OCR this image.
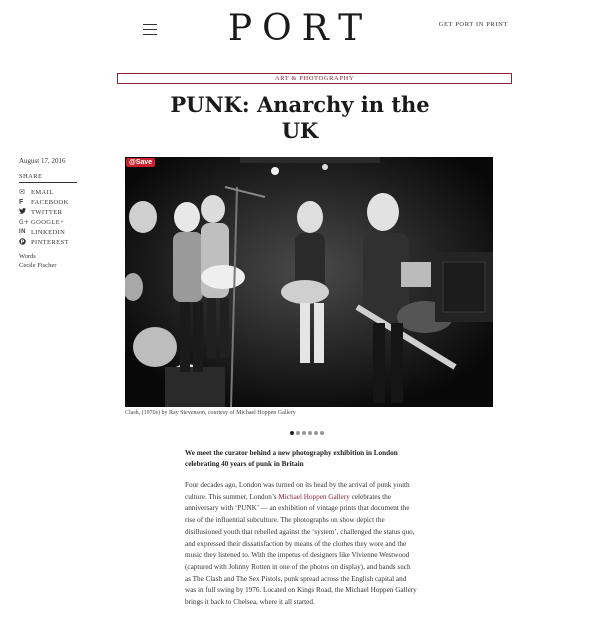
PORT	GET PORT IN PRINT
ART & PHOTOGRAPHY
PUNK: Anarchy in the
UK
August 17, 2016
SHARE
✉ EMAIL
F	FACEBOOK
TWITTER
G+ GOOGLE+
IN LINKEDIN
P PINTEREST
Words
Cecile Fischer
@Save
Clash, (1970s) by Ray Stevenson, courtesy of Michael Hoppen Gallery
We meet the curator behind a new photography exhibition in London celebrating 40 years of punk in Britain
Four decades ago, London was turned on its head by the arrival of punk youth culture. This summer, London’s Michael Hoppen Gallery celebrates the anniversary with ‘PUNK’ — an exhibition of vintage prints that document the rise of the influential subculture. The photographs on show depict the disillusioned youth that rebelled against the ‘system’, challenged the status quo, and expressed their dissatisfaction by means of the clothes they wore and the music they listened to. With the impetus of designers like Vivienne Westwood (captured with Johnny Rotten in one of the photos on display), and bands such as The Clash and The Sex Pistols, punk spread across the English capital and was in full swing by 1976. Located on Kings Road, the Michael Hoppen Gallery brings it back to Chelsea, where it all started.
